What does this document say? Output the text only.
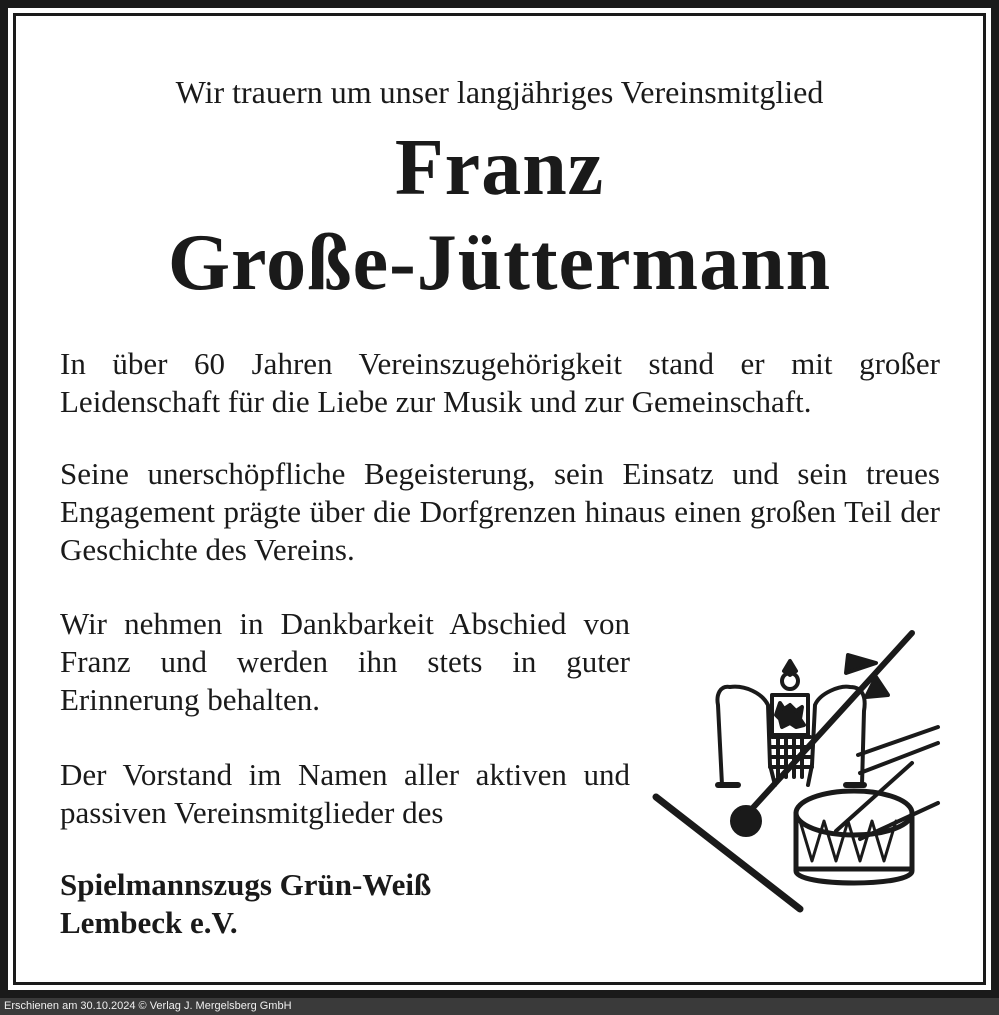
Wir trauern um unser langjähriges Vereinsmitglied
Franz
Große-Jüttermann
In über 60 Jahren Vereinszugehörigkeit stand er mit großer Leidenschaft für die Liebe zur Musik und zur Gemeinschaft.
Seine unerschöpfliche Begeisterung, sein Einsatz und sein treues Engagement prägte über die Dorfgrenzen hinaus einen großen Teil der Geschichte des Vereins.
Wir nehmen in Dankbarkeit Abschied von Franz und werden ihn stets in guter Erinnerung behalten.
Der Vorstand im Namen aller aktiven und passiven Vereinsmitglieder des
Spielmannszugs Grün-Weiß
Lembeck e.V.
Erschienen am 30.10.2024 © Verlag J. Mergelsberg GmbH
